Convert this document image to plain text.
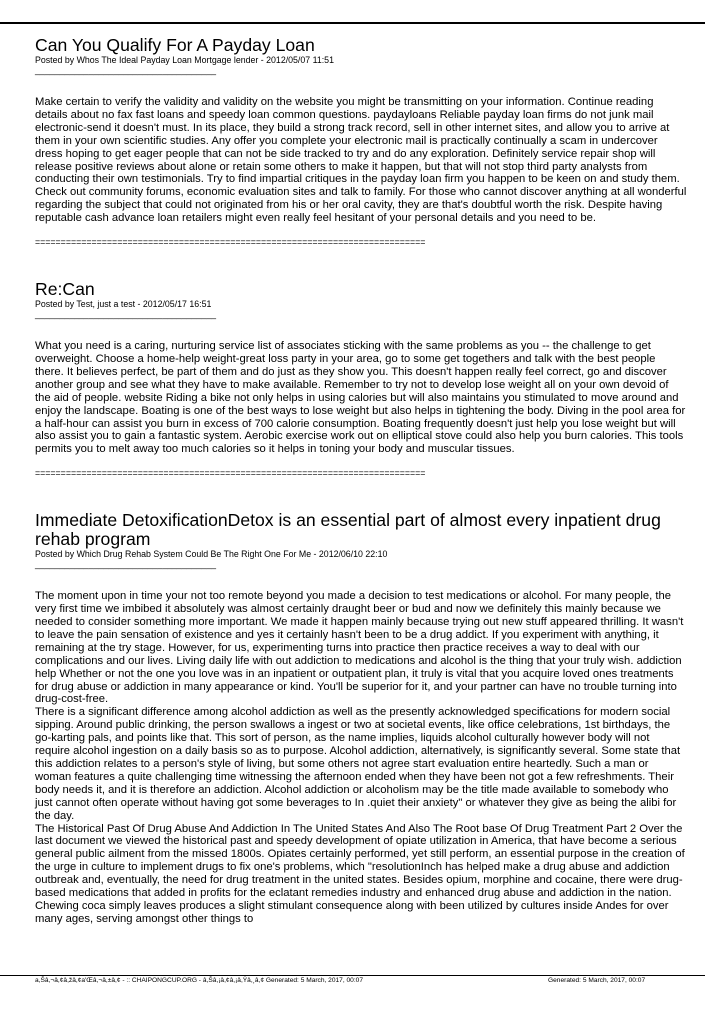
Can You Qualify For A Payday Loan
Posted by Whos The Ideal Payday Loan Mortgage lender - 2012/05/07 11:51
_____________________________________
Make certain to verify the validity and validity on the website you might be transmitting on your information. Continue reading details about no fax fast loans and speedy loan common questions. paydayloans Reliable payday loan firms do not junk mail electronic-send it doesn't must. In its place, they build a strong track record, sell in other internet sites, and allow you to arrive at them in your own scientific studies. Any offer you complete your electronic mail is practically continually a scam in undercover dress hoping to get eager people that can not be side tracked to try and do any exploration. Definitely service repair shop will release positive reviews about alone or retain some others to make it happen, but that will not stop third party analysts from conducting their own testimonials. Try to find impartial critiques in the payday loan firm you happen to be keen on and study them. Check out community forums, economic evaluation sites and talk to family. For those who cannot discover anything at all wonderful regarding the subject that could not originated from his or her oral cavity, they are that's doubtful worth the risk. Despite having reputable cash advance loan retailers might even really feel hesitant of your personal details and you need to be.
============================================================================
Re:Can
Posted by Test, just a test - 2012/05/17 16:51
_____________________________________
What you need is a caring, nurturing service list of associates sticking with the same problems as you -- the challenge to get overweight. Choose a home-help weight-great loss party in your area, go to some get togethers and talk with the best people there. It believes perfect, be part of them and do just as they show you. This doesn't happen really feel correct, go and discover another group and see what they have to make available. Remember to try not to develop lose weight all on your own devoid of the aid of people. website Riding a bike not only helps in using calories but will also maintains you stimulated to move around and enjoy the landscape. Boating is one of the best ways to lose weight but also helps in tightening the body. Diving in the pool area for a half-hour can assist you burn in excess of 700 calorie consumption. Boating frequently doesn't just help you lose weight but will also assist you to gain a fantastic system. Aerobic exercise work out on elliptical stove could also help you burn calories. This tools permits you to melt away too much calories so it helps in toning your body and muscular tissues.
============================================================================
Immediate DetoxificationDetox is an essential part of almost every inpatient drug rehab program
Posted by Which Drug Rehab System Could Be The Right One For Me - 2012/06/10 22:10
_____________________________________
The moment upon in time your not too remote beyond you made a decision to test medications or alcohol. For many people, the very first time we imbibed it absolutely was almost certainly draught beer or bud and now we definitely this mainly because we needed to consider something more important. We made it happen mainly because trying out new stuff appeared thrilling. It wasn't to leave the pain sensation of existence and yes it certainly hasn't been to be a drug addict. If you experiment with anything, it remaining at the try stage. However, for us, experimenting turns into practice then practice receives a way to deal with our complications and our lives. Living daily life with out addiction to medications and alcohol is the thing that your truly wish. addiction help Whether or not the one you love was in an inpatient or outpatient plan, it truly is vital that you acquire loved ones treatments for drug abuse or addiction in many appearance or kind. You'll be superior for it, and your partner can have no trouble turning into drug-cost-free.
There is a significant difference among alcohol addiction as well as the presently acknowledged specifications for modern social sipping. Around public drinking, the person swallows a ingest or two at societal events, like office celebrations, 1st birthdays, the go-karting pals, and points like that. This sort of person, as the name implies, liquids alcohol culturally however body will not require alcohol ingestion on a daily basis so as to purpose. Alcohol addiction, alternatively, is significantly several. Some state that this addiction relates to a person's style of living, but some others not agree start evaluation entire heartedly. Such a man or woman features a quite challenging time witnessing the afternoon ended when they have been not got a few refreshments. Their body needs it, and it is therefore an addiction. Alcohol addiction or alcoholism may be the title made available to somebody who just cannot often operate without having got some beverages to In .quiet their anxiety" or whatever they give as being the alibi for the day.
The Historical Past Of Drug Abuse And Addiction In The United States And Also The Root base Of Drug Treatment Part 2 Over the last document we viewed the historical past and speedy development of opiate utilization in America, that have become a serious general public ailment from the missed 1800s. Opiates certainly performed, yet still perform, an essential purpose in the creation of the urge in culture to implement drugs to fix one's problems, which "resolutionInch has helped make a drug abuse and addiction outbreak and, eventually, the need for drug treatment in the united states. Besides opium, morphine and cocaine, there were drug-based medications that added in profits for the eclatant remedies industry and enhanced drug abuse and addiction in the nation. Chewing coca simply leaves produces a slight stimulant consequence along with been utilized by cultures inside Andes for over many ages, serving amongst other things to
a,Šâ,¬â,¢â,žâ,¢a'Œâ,¬â,±â,¢ - :: CHAIPONGCUP.ORG - â,Šâ,¡â,¢â,¡â,Ÿâ,¸â,¢ Generated: 5 March, 2017, 00:07	Generated: 5 March, 2017, 00:07
